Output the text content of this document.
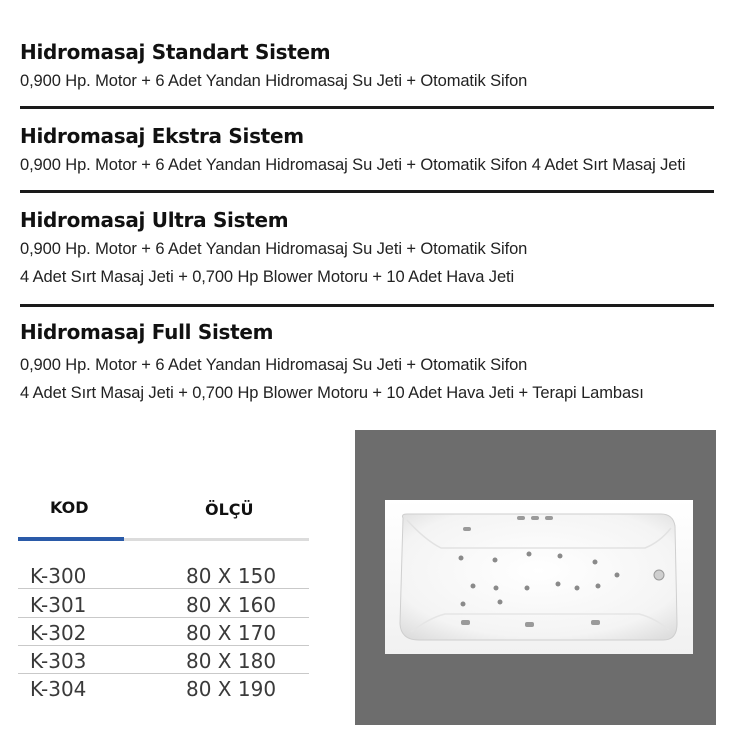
Hidromasaj Standart Sistem
0,900 Hp. Motor + 6 Adet Yandan Hidromasaj Su Jeti + Otomatik Sifon
Hidromasaj Ekstra Sistem
0,900 Hp. Motor + 6 Adet Yandan Hidromasaj Su Jeti + Otomatik Sifon 4 Adet Sırt Masaj Jeti
Hidromasaj Ultra Sistem
0,900 Hp. Motor + 6 Adet Yandan Hidromasaj Su Jeti + Otomatik Sifon
4 Adet Sırt Masaj Jeti + 0,700 Hp Blower Motoru + 10 Adet Hava Jeti
Hidromasaj Full Sistem
0,900 Hp. Motor + 6 Adet Yandan Hidromasaj Su Jeti + Otomatik Sifon
4 Adet Sırt Masaj Jeti + 0,700 Hp Blower Motoru + 10 Adet Hava Jeti + Terapi Lambası
KOD	ÖLÇÜ
K-300	80 X 150
K-301	80 X 160
K-302	80 X 170
K-303	80 X 180
K-304	80 X 190
